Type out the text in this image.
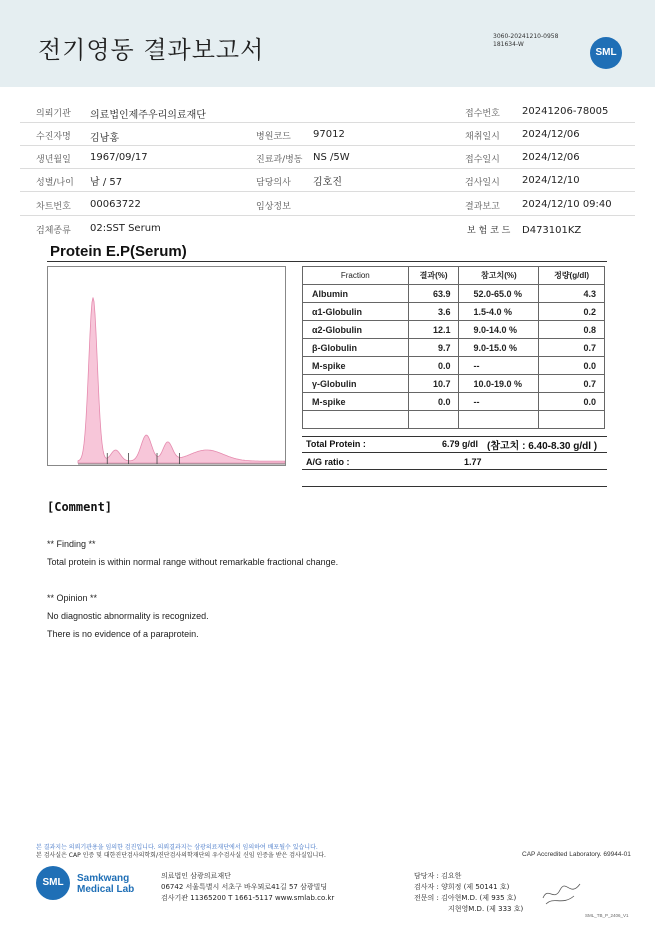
전기영동 결과보고서	3060-20241210-0958
181634-W
SML
의뢰기관 의료법인제주우리의료재단	접수번호 20241206-78005
수진자명 김남홍	병원코드 97012	채취일시 2024/12/06
생년월일 1967/09/17	진료과/병동 NS /5W	접수일시 2024/12/06
성별/나이 남 / 57	담당의사 김호진	검사일시 2024/12/10
차트번호 00063722	임상정보	결과보고 2024/12/10 09:40
검체종류 02:SST Serum	보 험 코 드 D473101KZ
Protein E.P(Serum)
Fraction	결과(%)	참고치(%)	정량(g/dl)
Albumin	63.9	52.0-65.0 %	4.3
α1-Globulin	3.6	1.5-4.0 %	0.2
α2-Globulin	12.1	9.0-14.0 %	0.8
β-Globulin	9.7	9.0-15.0 %	0.7
M-spike	0.0	--	0.0
γ-Globulin	10.7	10.0-19.0 %	0.7
M-spike	0.0	--	0.0

Total Protein :	6.79 g/dl (참고치 : 6.40-8.30 g/dl )
A/G ratio :	1.77
[Comment]
** Finding **
Total protein is within normal range without remarkable fractional change.
** Opinion **
No diagnostic abnormality is recognized.
There is no evidence of a paraprotein.
본 결과지는 의뢰기관용을 임의한 검진입니다. 의뢰결과지는 삼광의료재단에서 임의하여 배포될수 있습니다.
본 검사실은 CAP 인증 및 대한진단검사의학회/진단검사의학재단의 우수검사실 신임 인증을 받은 검사실입니다.	CAP Accredited Laboratory. 69944-01
SML	Samkwang
Medical Lab
의료법인 삼광의료재단
06742 서울특별시 서초구 바우뫼로41길 57 삼광빌딩
검사기관 11365200 T 1661-5117 www.smlab.co.kr
담당자 : 김요한
검사자 : 양희정 (제 50141 호)
전문의 : 김아현M.D. (제 935 호)
지현영M.D. (제 333 호)
SML_TB_P_2406_V1
